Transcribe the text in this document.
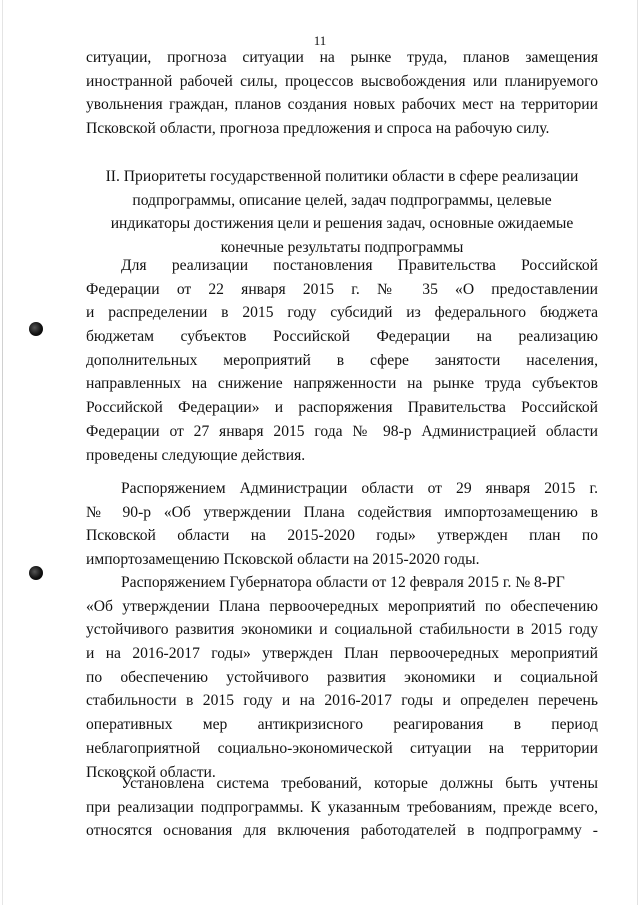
11
ситуации, прогноза ситуации на рынке труда, планов замещения
иностранной рабочей силы, процессов высвобождения или планируемого
увольнения граждан, планов создания новых рабочих мест на территории
Псковской области, прогноза предложения и спроса на рабочую силу.
II. Приоритеты государственной политики области в сфере реализации
подпрограммы, описание целей, задач подпрограммы, целевые
индикаторы достижения цели и решения задач, основные ожидаемые
конечные результаты подпрограммы
Для реализации постановления Правительства Российской
Федерации от 22 января 2015 г. № 35 «О предоставлении
и распределении в 2015 году субсидий из федерального бюджета
бюджетам субъектов Российской Федерации на реализацию
дополнительных мероприятий в сфере занятости населения,
направленных на снижение напряженности на рынке труда субъектов
Российской Федерации» и распоряжения Правительства Российской
Федерации от 27 января 2015 года № 98-р Администрацией области
проведены следующие действия.
Распоряжением Администрации области от 29 января 2015 г.
№ 90-р «Об утверждении Плана содействия импортозамещению в
Псковской области на 2015-2020 годы» утвержден план по
импортозамещению Псковской области на 2015-2020 годы.
Распоряжением Губернатора области от 12 февраля 2015 г. № 8-РГ
«Об утверждении Плана первоочередных мероприятий по обеспечению
устойчивого развития экономики и социальной стабильности в 2015 году
и на 2016-2017 годы» утвержден План первоочередных мероприятий
по обеспечению устойчивого развития экономики и социальной
стабильности в 2015 году и на 2016-2017 годы и определен перечень
оперативных мер антикризисного реагирования в период
неблагоприятной социально-экономической ситуации на территории
Псковской области.
Установлена система требований, которые должны быть учтены
при реализации подпрограммы. К указанным требованиям, прежде всего,
относятся основания для включения работодателей в подпрограмму -
